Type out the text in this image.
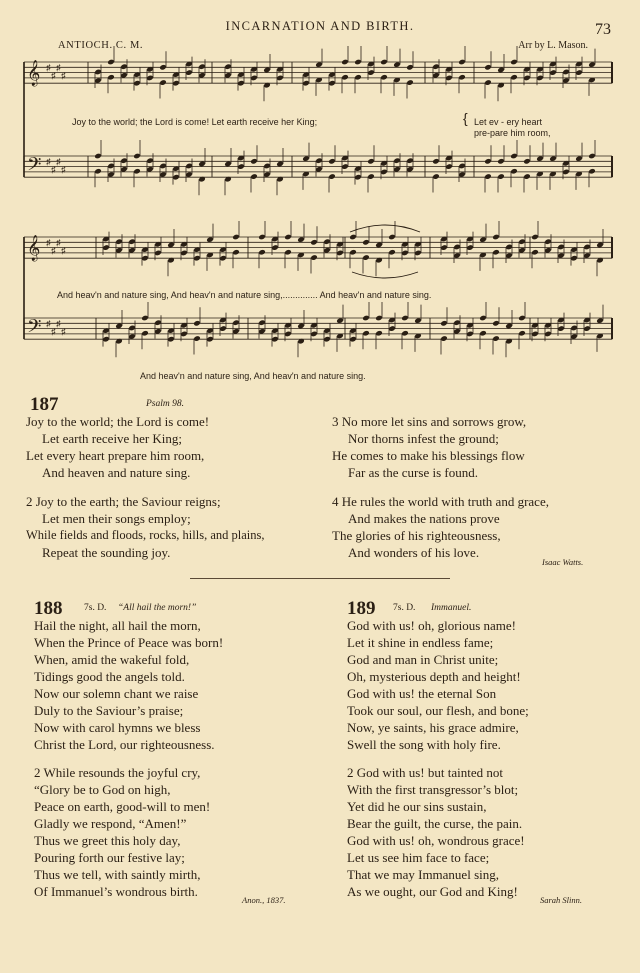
INCARNATION AND BIRTH.	73
ANTIOCH. C. M.	Arr by L. Mason.
𝄞 ♯
♯
♯
♯
𝄢 ♯
♯
♯
♯
𝄞 ♯
♯
♯
♯
𝄢 ♯
♯
♯
♯
Joy to the world; the Lord is come! Let earth receive her King;	{ Let ev - ery heart
pre-pare him room,
And heav'n and nature sing, And heav'n and nature sing,.............. And heav'n and nature sing.
And heav'n and nature sing, And heav'n and nature sing.
187	Psalm 98.
Joy to the world; the Lord is come!
Let earth receive her King;
Let every heart prepare him room,
And heaven and nature sing.
2 Joy to the earth; the Saviour reigns;
Let men their songs employ;
While fields and floods, rocks, hills, and plains,
Repeat the sounding joy.
3 No more let sins and sorrows grow,
Nor thorns infest the ground;
He comes to make his blessings flow
Far as the curse is found.
4 He rules the world with truth and grace,
And makes the nations prove
The glories of his righteousness,
And wonders of his love.
Isaac Watts.
188 7s. D. “All hail the morn!”
Hail the night, all hail the morn,
When the Prince of Peace was born!
When, amid the wakeful fold,
Tidings good the angels told.
Now our solemn chant we raise
Duly to the Saviour’s praise;
Now with carol hymns we bless
Christ the Lord, our righteousness.
2 While resounds the joyful cry,
“Glory be to God on high,
Peace on earth, good-will to men!
Gladly we respond, “Amen!”
Thus we greet this holy day,
Pouring forth our festive lay;
Thus we tell, with saintly mirth,
Of Immanuel’s wondrous birth.
Anon., 1837.
189 7s. D. Immanuel.
God with us! oh, glorious name!
Let it shine in endless fame;
God and man in Christ unite;
Oh, mysterious depth and height!
God with us! the eternal Son
Took our soul, our flesh, and bone;
Now, ye saints, his grace admire,
Swell the song with holy fire.
2 God with us! but tainted not
With the first transgressor’s blot;
Yet did he our sins sustain,
Bear the guilt, the curse, the pain.
God with us! oh, wondrous grace!
Let us see him face to face;
That we may Immanuel sing,
As we ought, our God and King!
Sarah Slinn.
